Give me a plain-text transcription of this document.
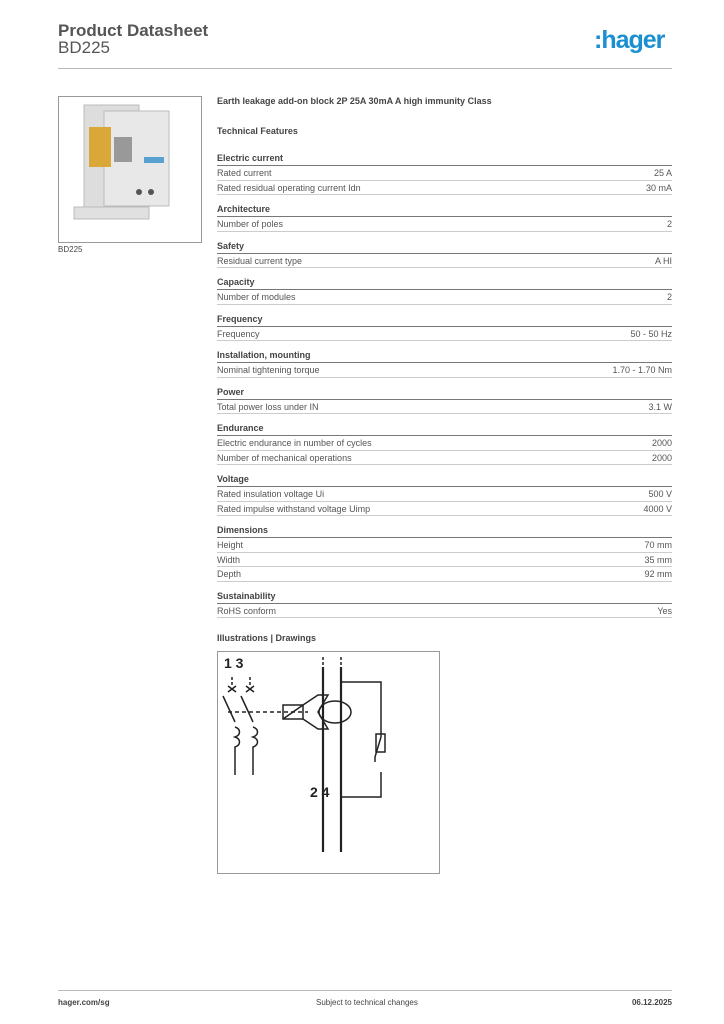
Product Datasheet
BD225	:hager
BD225
Earth leakage add-on block 2P 25A 30mA A high immunity Class
Technical Features
Electric current
Rated current	25 A
Rated residual operating current Idn	30 mA
Architecture
Number of poles	2
Safety
Residual current type	A HI
Capacity
Number of modules	2
Frequency
Frequency	50 - 50 Hz
Installation, mounting
Nominal tightening torque	1.70 - 1.70 Nm
Power
Total power loss under IN	3.1 W
Endurance
Electric endurance in number of cycles	2000
Number of mechanical operations	2000
Voltage
Rated insulation voltage Ui	500 V
Rated impulse withstand voltage Uimp	4000 V
Dimensions
Height	70 mm
Width	35 mm
Depth	92 mm
Sustainability
RoHS conform	Yes
Illustrations | Drawings
1 3
2 4
hager.com/sg	Subject to technical changes	06.12.2025
